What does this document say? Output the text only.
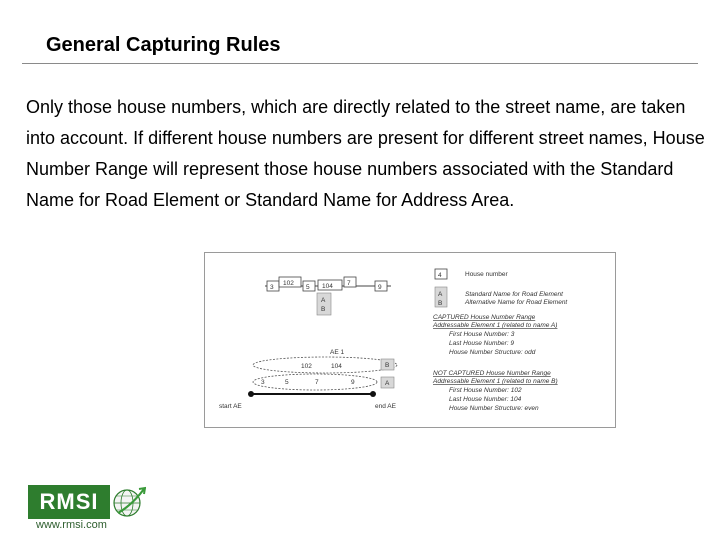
General Capturing Rules
Only those house numbers, which are directly related to the street name, are taken into account. If different house numbers are present for different street names, House Number Range will represent those house numbers associated with the Standard Name for Road Element or Standard Name for Address Area.
3
102
5 104 7
9
A
B
AE 1
102	104	B
3	5	7	9	A
start AE	end AE
4	House number
A
B
Standard Name for Road Element
Alternative Name for Road Element
CAPTURED House Number Range
Addressable Element 1 (related to name A)
First House Number: 3
Last House Number: 9
House Number Structure: odd
NOT CAPTURED House Number Range
Addressable Element 1 (related to name B)
First House Number: 102
Last House Number: 104
House Number Structure: even
RMSI
www.rmsi.com
